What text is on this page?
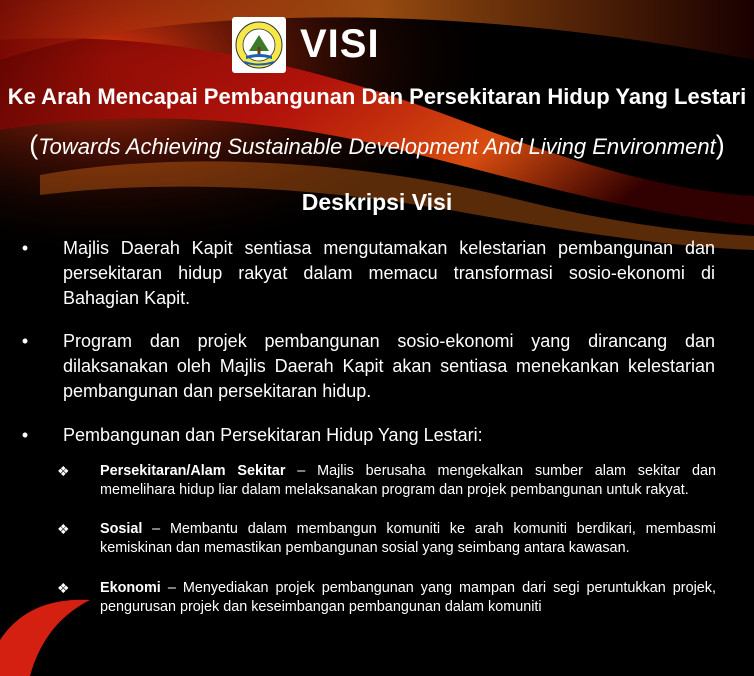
VISI
Ke Arah Mencapai Pembangunan Dan Persekitaran Hidup Yang Lestari

(Towards Achieving Sustainable Development And Living Environment)

Deskripsi Visi
• Majlis Daerah Kapit sentiasa mengutamakan kelestarian pembangunan dan persekitaran hidup rakyat dalam memacu transformasi sosio-ekonomi di Bahagian Kapit.
• Program dan projek pembangunan sosio-ekonomi yang dirancang dan dilaksanakan oleh Majlis Daerah Kapit akan sentiasa menekankan kelestarian pembangunan dan persekitaran hidup.
• Pembangunan dan Persekitaran Hidup Yang Lestari:
❖ Persekitaran/Alam Sekitar – Majlis berusaha mengekalkan sumber alam sekitar dan memelihara hidup liar dalam melaksanakan program dan projek pembangunan untuk rakyat.
❖ Sosial – Membantu dalam membangun komuniti ke arah komuniti berdikari, membasmi kemiskinan dan memastikan pembangunan sosial yang seimbang antara kawasan.
❖ Ekonomi – Menyediakan projek pembangunan yang mampan dari segi peruntukkan projek, pengurusan projek dan keseimbangan pembangunan dalam komuniti
